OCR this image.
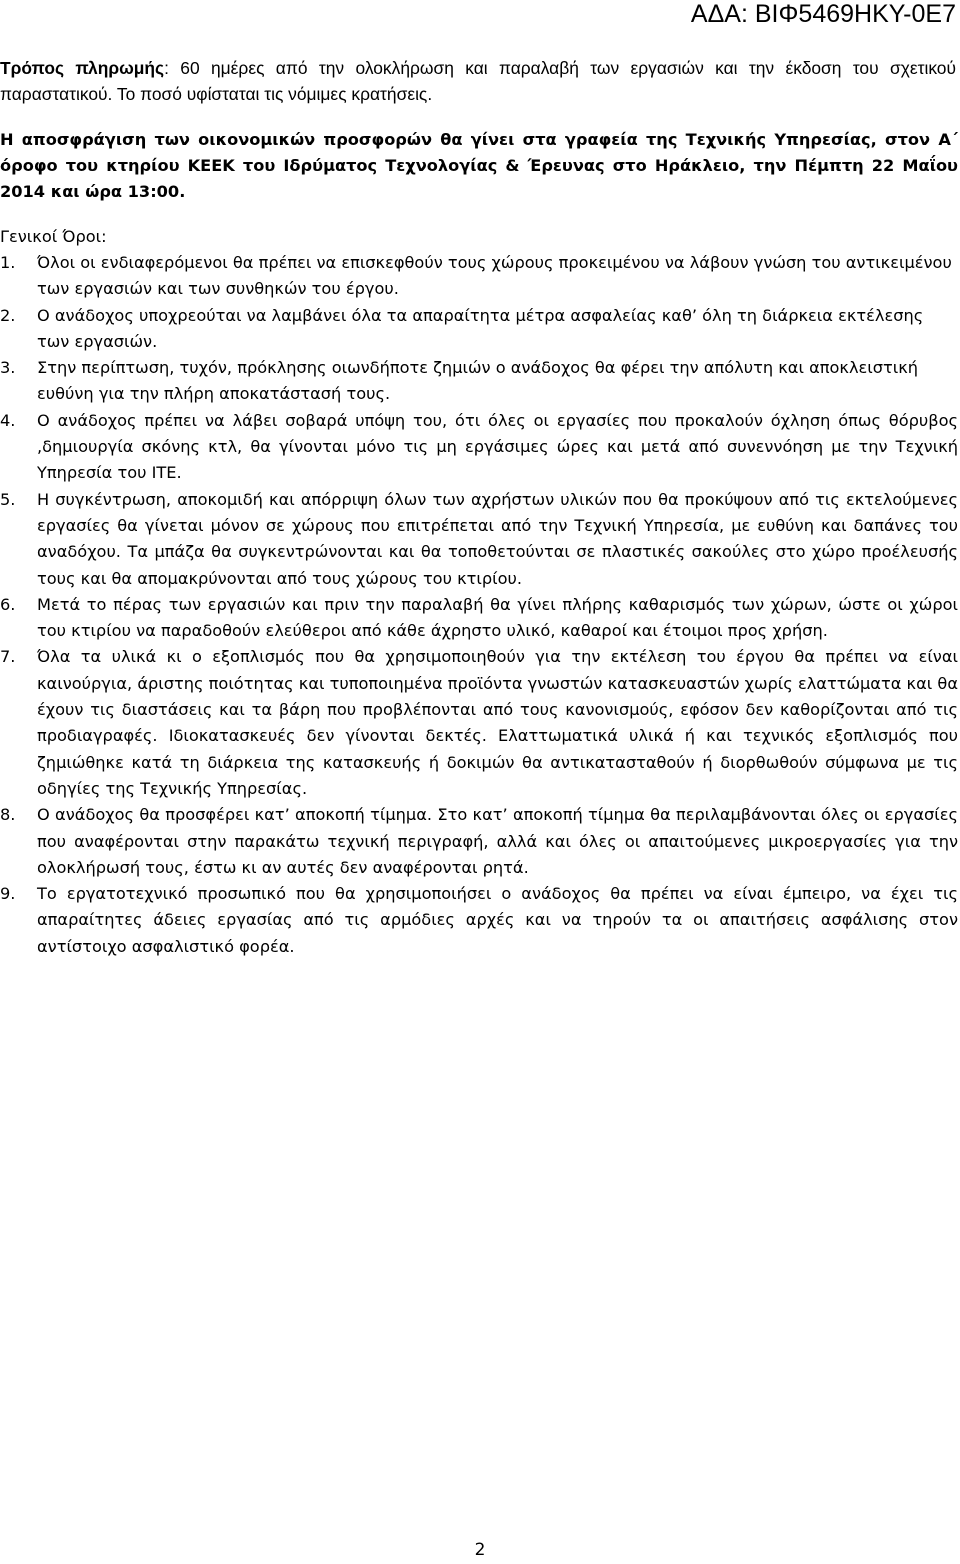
ΑΔΑ: ΒΙΦ5469ΗΚΥ-0Ε7

Τρόπος πληρωμής: 60 ημέρες από την ολοκλήρωση και παραλαβή των εργασιών και την έκδοση του σχετικού παραστατικού. Το ποσό υφίσταται τις νόμιμες κρατήσεις.

Η αποσφράγιση των οικονομικών προσφορών θα γίνει στα γραφεία της Τεχνικής Υπηρεσίας, στον Α΄ όροφο του κτηρίου ΚΕΕΚ του Ιδρύματος Τεχνολογίας & Έρευνας στο Ηράκλειο, την Πέμπτη 22 Μαΐου 2014 και ώρα 13:00.

Γενικοί Όροι:

1.	Όλοι οι ενδιαφερόμενοι θα πρέπει να επισκεφθούν τους χώρους προκειμένου να λάβουν γνώση του αντικειμένου των εργασιών και των συνθηκών του έργου.
2.	Ο ανάδοχος υποχρεούται να λαμβάνει όλα τα απαραίτητα μέτρα ασφαλείας καθ’ όλη τη διάρκεια εκτέλεσης των εργασιών.
3.	Στην περίπτωση, τυχόν, πρόκλησης οιωνδήποτε ζημιών ο ανάδοχος θα φέρει την απόλυτη και αποκλειστική ευθύνη για την πλήρη αποκατάστασή τους.
4.	Ο ανάδοχος πρέπει να λάβει σοβαρά υπόψη του, ότι όλες οι εργασίες που προκαλούν όχληση όπως θόρυβος ,δημιουργία σκόνης κτλ, θα γίνονται μόνο τις μη εργάσιμες ώρες και μετά από συνεννόηση με την Τεχνική Υπηρεσία του ΙΤΕ.
5.	Η συγκέντρωση, αποκομιδή και απόρριψη όλων των αχρήστων υλικών που θα προκύψουν από τις εκτελούμενες εργασίες θα γίνεται μόνον σε χώρους που επιτρέπεται από την Τεχνική Υπηρεσία, με ευθύνη και δαπάνες του αναδόχου. Τα μπάζα θα συγκεντρώνονται και θα τοποθετούνται σε πλαστικές σακούλες στο χώρο προέλευσής τους και θα απομακρύνονται από τους χώρους του κτιρίου.
6.	Μετά το πέρας των εργασιών και πριν την παραλαβή θα γίνει πλήρης καθαρισμός των χώρων, ώστε οι χώροι του κτιρίου να παραδοθούν ελεύθεροι από κάθε άχρηστο υλικό, καθαροί και έτοιμοι προς χρήση.
7.	Όλα τα υλικά κι ο εξοπλισμός που θα χρησιμοποιηθούν για την εκτέλεση του έργου θα πρέπει να είναι καινούργια, άριστης ποιότητας και τυποποιημένα προϊόντα γνωστών κατασκευαστών χωρίς ελαττώματα και θα έχουν τις διαστάσεις και τα βάρη που προβλέπονται από τους κανονισμούς, εφόσον δεν καθορίζονται από τις προδιαγραφές. Ιδιοκατασκευές δεν γίνονται δεκτές. Ελαττωματικά υλικά ή και τεχνικός εξοπλισμός που ζημιώθηκε κατά τη διάρκεια της κατασκευής ή δοκιμών θα αντικατασταθούν ή διορθωθούν σύμφωνα με τις οδηγίες της Τεχνικής Υπηρεσίας.
8.	Ο ανάδοχος θα προσφέρει κατ’ αποκοπή τίμημα. Στο κατ’ αποκοπή τίμημα θα περιλαμβάνονται όλες οι εργασίες που αναφέρονται στην παρακάτω τεχνική περιγραφή, αλλά και όλες οι απαιτούμενες μικροεργασίες για την ολοκλήρωσή τους, έστω κι αν αυτές δεν αναφέρονται ρητά.
9.	Το εργατοτεχνικό προσωπικό που θα χρησιμοποιήσει ο ανάδοχος θα πρέπει να είναι έμπειρο, να έχει τις απαραίτητες άδειες εργασίας από τις αρμόδιες αρχές και να τηρούν τα οι απαιτήσεις ασφάλισης στον αντίστοιχο ασφαλιστικό φορέα.
2
